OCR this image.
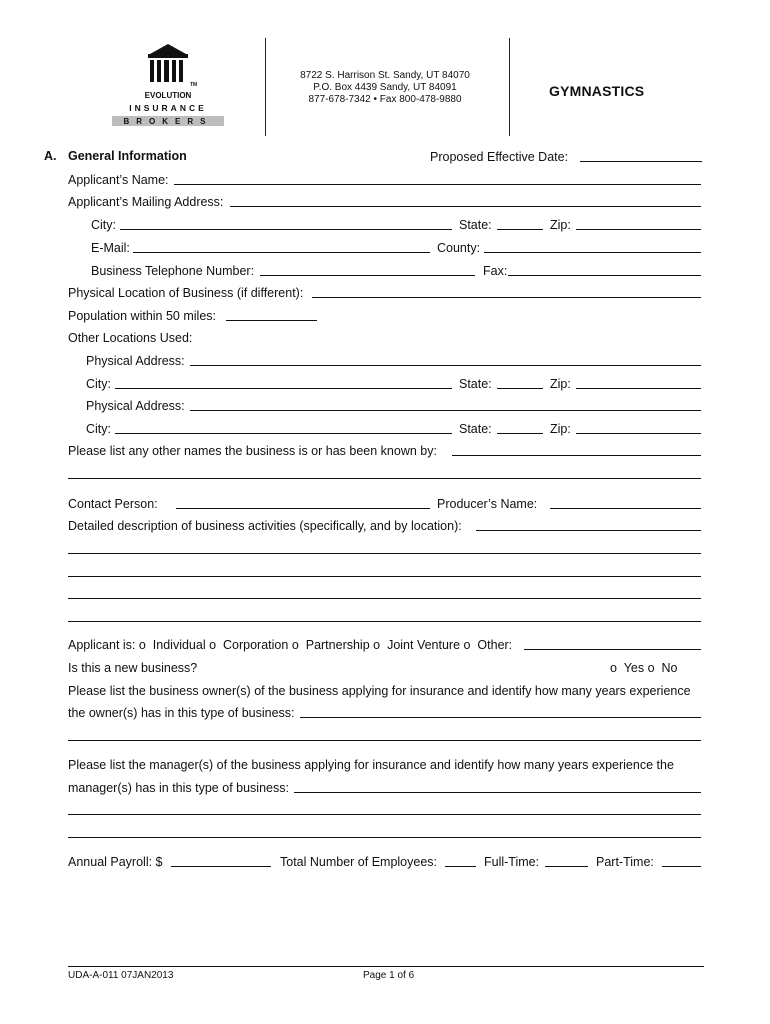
TM
EVOLUTION
INSURANCE
BROKERS
8722 S. Harrison St. Sandy, UT 84070
P.O. Box 4439 Sandy, UT 84091
877-678-7342 • Fax 800-478-9880
GYMNASTICS
A. General Information	Proposed Effective Date:
Applicant’s Name:
Applicant’s Mailing Address:
City:	State:	Zip:
E-Mail:	County:
Business Telephone Number:	Fax:
Physical Location of Business (if different):
Population within 50 miles:
Other Locations Used:
Physical Address:
City:	State:	Zip:
Physical Address:
City:	State:	Zip:
Please list any other names the business is or has been known by:
Contact Person:	Producer’s Name:
Detailed description of business activities (specifically, and by location):
Applicant is: o Individual o Corporation o Partnership o Joint Venture o Other:
Is this a new business?	o Yes o No
Please list the business owner(s) of the business applying for insurance and identify how many years experience
the owner(s) has in this type of business:
Please list the manager(s) of the business applying for insurance and identify how many years experience the
manager(s) has in this type of business:
Annual Payroll: $	Total Number of Employees:	Full-Time:	Part-Time:
UDA-A-011 07JAN2013	Page 1 of 6
